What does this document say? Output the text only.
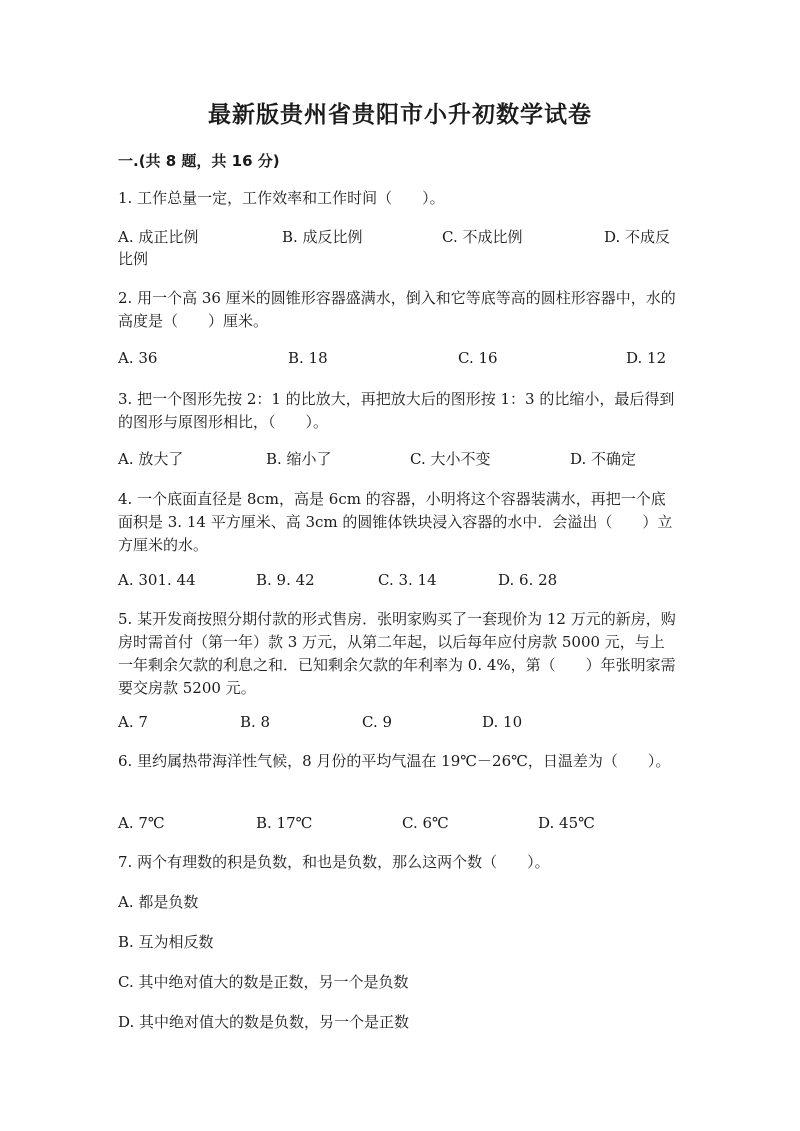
最新版贵州省贵阳市小升初数学试卷
一.(共 8 题，共 16 分)
1. 工作总量一定，工作效率和工作时间（　　）。
A. 成正比例	B. 成反比例	C. 不成比例	D. 不成反
比例
2. 用一个高 36 厘米的圆锥形容器盛满水，倒入和它等底等高的圆柱形容器中，水的高度是（　　）厘米。
A. 36	B. 18	C. 16	D. 12
3. 把一个图形先按 2：1 的比放大，再把放大后的图形按 1：3 的比缩小，最后得到的图形与原图形相比，（　　）。
A. 放大了	B. 缩小了	C. 大小不变	D. 不确定
4. 一个底面直径是 8cm，高是 6cm 的容器，小明将这个容器装满水，再把一个底面积是 3. 14 平方厘米、高 3cm 的圆锥体铁块浸入容器的水中．会溢出（　　）立方厘米的水。
A. 301. 44	B. 9. 42	C. 3. 14	D. 6. 28
5. 某开发商按照分期付款的形式售房．张明家购买了一套现价为 12 万元的新房，购房时需首付（第一年）款 3 万元，从第二年起，以后每年应付房款 5000 元，与上一年剩余欠款的利息之和．已知剩余欠款的年利率为 0. 4%，第（　　）年张明家需要交房款 5200 元。
A. 7	B. 8	C. 9	D. 10
6. 里约属热带海洋性气候，8 月份的平均气温在 19℃－26℃，日温差为（　　）。
A. 7℃	B. 17℃	C. 6℃	D. 45℃
7. 两个有理数的积是负数，和也是负数，那么这两个数（　　）。
A. 都是负数
B. 互为相反数
C. 其中绝对值大的数是正数，另一个是负数
D. 其中绝对值大的数是负数，另一个是正数
